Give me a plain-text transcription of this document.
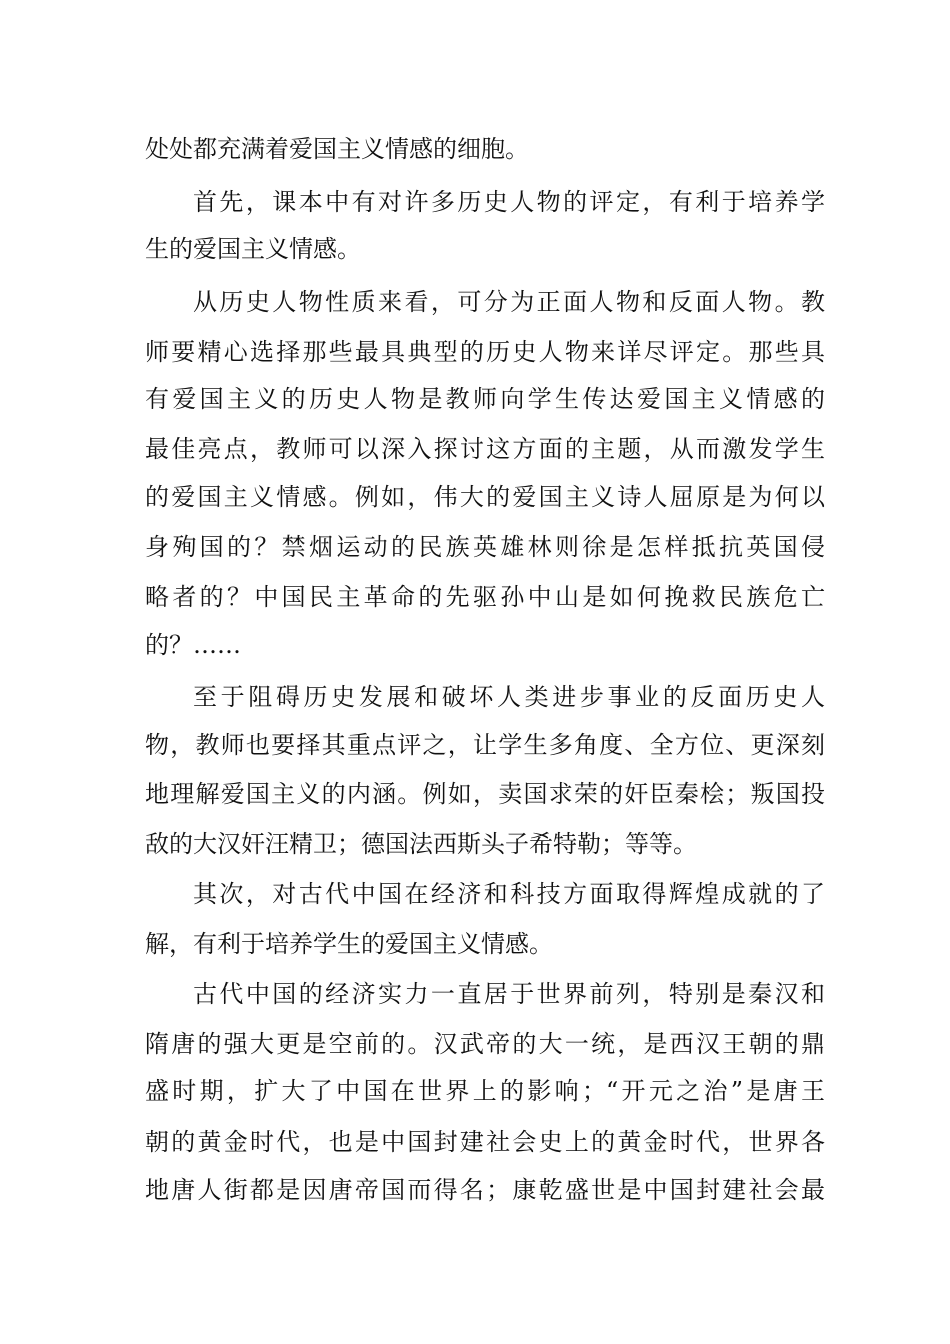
处处都充满着爱国主义情感的细胞。
首先，课本中有对许多历史人物的评定，有利于培养学
生的爱国主义情感。
从历史人物性质来看，可分为正面人物和反面人物。教
师要精心选择那些最具典型的历史人物来详尽评定。那些具
有爱国主义的历史人物是教师向学生传达爱国主义情感的
最佳亮点，教师可以深入探讨这方面的主题，从而激发学生
的爱国主义情感。例如，伟大的爱国主义诗人屈原是为何以
身殉国的？禁烟运动的民族英雄林则徐是怎样抵抗英国侵
略者的？中国民主革命的先驱孙中山是如何挽救民族危亡
的？……
至于阻碍历史发展和破坏人类进步事业的反面历史人
物，教师也要择其重点评之，让学生多角度、全方位、更深刻
地理解爱国主义的内涵。例如，卖国求荣的奸臣秦桧；叛国投
敌的大汉奸汪精卫；德国法西斯头子希特勒；等等。
其次，对古代中国在经济和科技方面取得辉煌成就的了
解，有利于培养学生的爱国主义情感。
古代中国的经济实力一直居于世界前列，特别是秦汉和
隋唐的强大更是空前的。汉武帝的大一统，是西汉王朝的鼎
盛时期，扩大了中国在世界上的影响；“开元之治”是唐王
朝的黄金时代，也是中国封建社会史上的黄金时代，世界各
地唐人街都是因唐帝国而得名；康乾盛世是中国封建社会最
